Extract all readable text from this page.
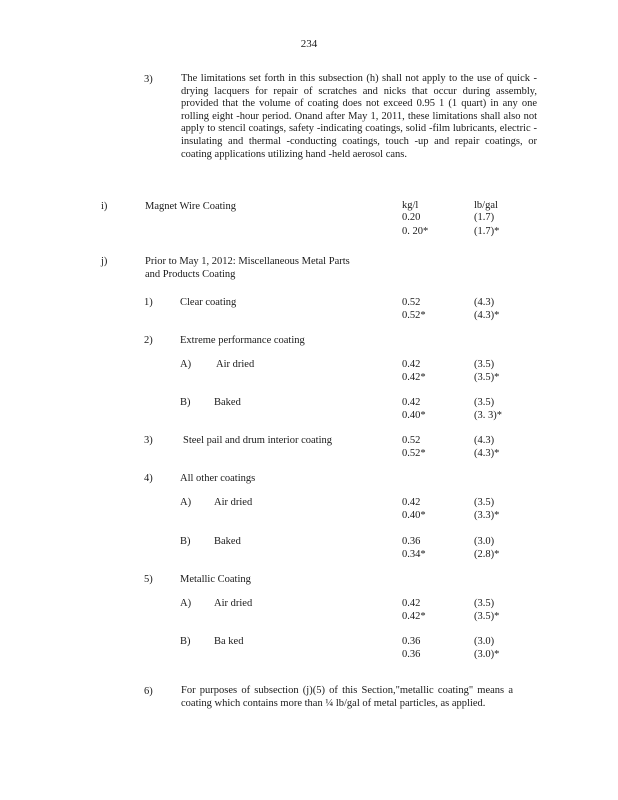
234
3)	The limitations set forth in this subsection (h) shall not apply to the use of quick -drying lacquers for repair of scratches and nicks that occur during assembly, provided that the volume of coating does not exceed 0.95 1 (1 quart) in any one rolling eight -hour period. Onand after May 1, 2011, these limitations shall also not apply to stencil coatings, safety -indicating coatings, solid -film lubricants, electric -insulating and thermal -conducting coatings, touch -up and repair coatings, or coating applications utilizing hand -held aerosol cans.
i)	Magnet Wire Coating	kg/l	lb/gal
0.20	(1.7)
0. 20*	(1.7)*
j)	Prior to May 1, 2012: Miscellaneous Metal Parts
and Products Coating
1)	Clear coating	0.52	(4.3)
0.52*	(4.3)*
2)	Extreme performance coating
A) Air dried	0.42	(3.5)
0.42*	(3.5)*
B) Baked	0.42	(3.5)
0.40*	(3. 3)*
3)	Steel pail and drum interior coating	0.52	(4.3)
0.52*	(4.3)*
4)	All other coatings
A) Air dried	0.42	(3.5)
0.40*	(3.3)*
B) Baked	0.36	(3.0)
0.34*	(2.8)*
5)	Metallic Coating
A) Air dried	0.42	(3.5)
0.42*	(3.5)*
B) Ba ked	0.36	(3.0)
0.36	(3.0)*
6)	For purposes of subsection (j)(5) of this Section,"metallic coating" means a coating which contains more than ¼ lb/gal of metal particles, as applied.
